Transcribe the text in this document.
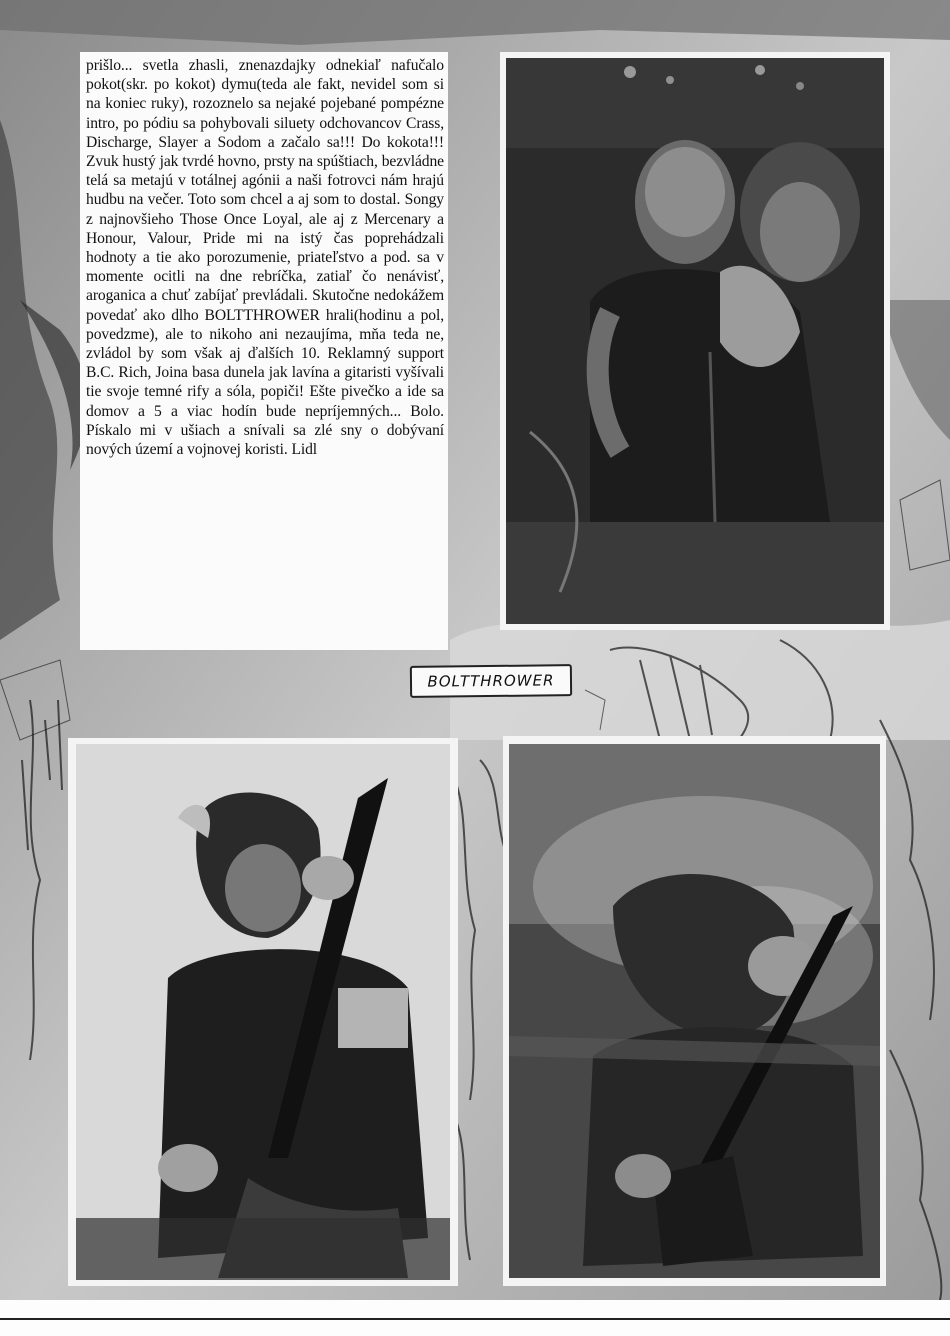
prišlo... svetla zhasli, znenazdajky odnekiaľ nafučalo pokot(skr. po kokot) dymu(teda ale fakt, nevidel som si na koniec ruky), rozoznelo sa nejaké pojebané pompézne intro, po pódiu sa pohybovali siluety odchovancov Crass, Discharge, Slayer a Sodom a začalo sa!!! Do kokota!!! Zvuk hustý jak tvrdé hovno, prsty na spúštiach, bezvládne telá sa metajú v totálnej agónii a naši fotrovci nám hrajú hudbu na večer. Toto som chcel a aj som to dostal. Songy z najnovšieho Those Once Loyal, ale aj z Mercenary a Honour, Valour, Pride mi na istý čas poprehádzali hodnoty a tie ako porozumenie, priateľstvo a pod. sa v momente ocitli na dne rebríčka, zatiaľ čo nenávisť, aroganica a chuť zabíjať prevládali. Skutočne nedokážem povedať ako dlho BOLTTHROWER hrali(hodinu a pol, povedzme), ale to nikoho ani nezaujíma, mňa teda ne, zvládol by som však aj ďalších 10. Reklamný support B.C. Rich, Joina basa dunela jak lavína a gitaristi vyšívali tie svoje temné rify a sóla, popiči! Ešte pivečko a ide sa domov a 5 a viac hodín bude nepríjemných... Bolo. Pískalo mi v ušiach a snívali sa zlé sny o dobývaní nových území a vojnovej koristi. Lidl

BOLTTHROWER
